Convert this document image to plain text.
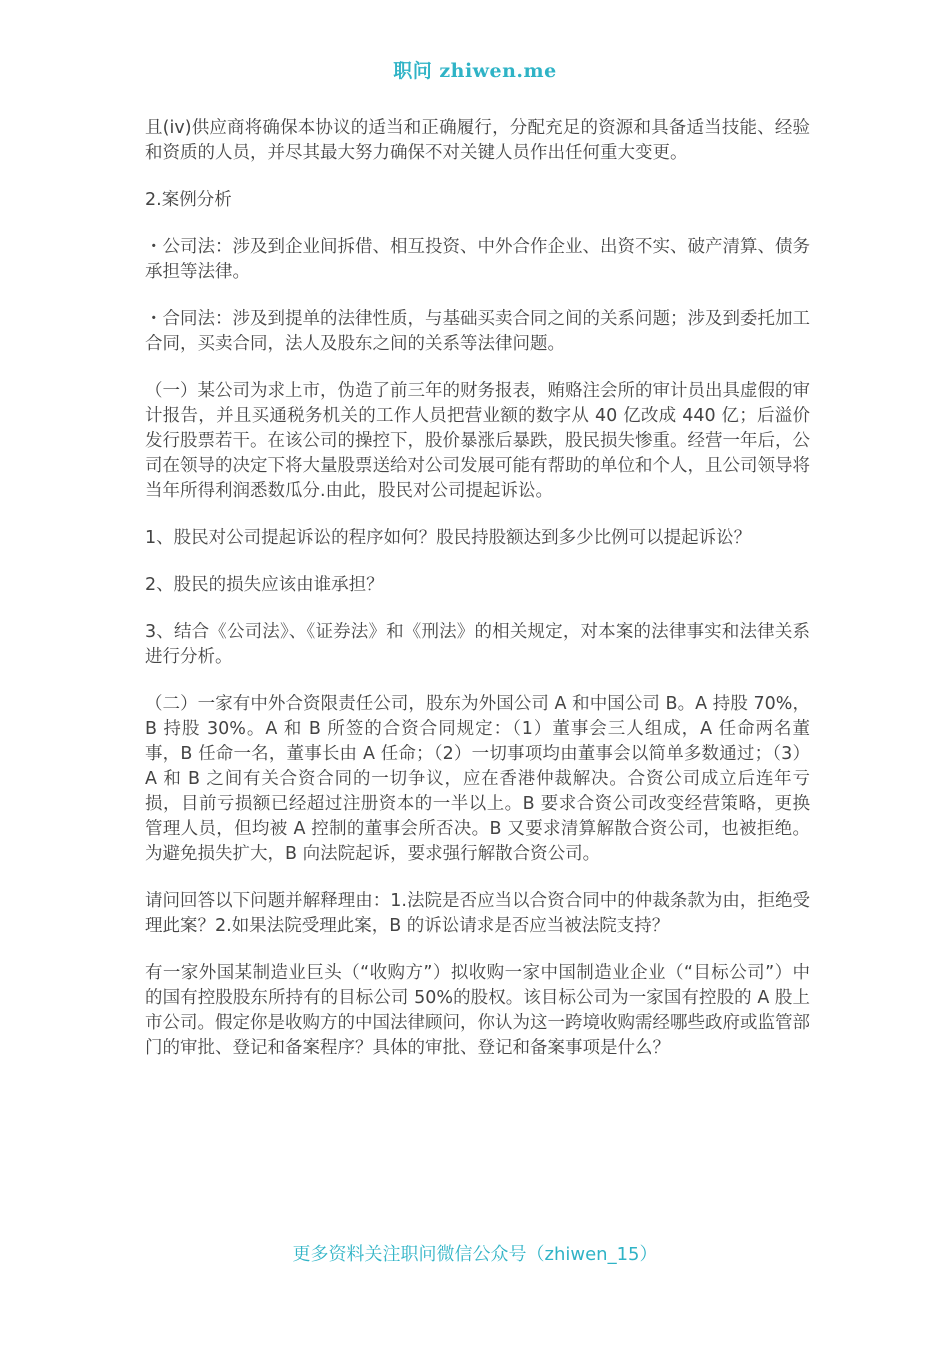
职问 zhiwen.me

且(iv)供应商将确保本协议的适当和正确履行，分配充足的资源和具备适当技能、经验和资质的人员，并尽其最大努力确保不对关键人员作出任何重大变更。

2.案例分析

・公司法：涉及到企业间拆借、相互投资、中外合作企业、出资不实、破产清算、债务承担等法律。

・合同法：涉及到提单的法律性质，与基础买卖合同之间的关系问题；涉及到委托加工合同，买卖合同，法人及股东之间的关系等法律问题。

（一）某公司为求上市，伪造了前三年的财务报表，贿赂注会所的审计员出具虚假的审计报告，并且买通税务机关的工作人员把营业额的数字从 40 亿改成 440 亿；后溢价发行股票若干。在该公司的操控下，股价暴涨后暴跌，股民损失惨重。经营一年后，公司在领导的决定下将大量股票送给对公司发展可能有帮助的单位和个人，且公司领导将当年所得利润悉数瓜分.由此，股民对公司提起诉讼。

1、股民对公司提起诉讼的程序如何？股民持股额达到多少比例可以提起诉讼？

2、股民的损失应该由谁承担？

3、结合《公司法》、《证券法》和《刑法》的相关规定，对本案的法律事实和法律关系进行分析。

（二）一家有中外合资限责任公司，股东为外国公司 A 和中国公司 B。A 持股 70%，B 持股 30%。A 和 B 所签的合资合同规定：（1）董事会三人组成，A 任命两名董事，B 任命一名，董事长由 A 任命；（2）一切事项均由董事会以简单多数通过；（3）A 和 B 之间有关合资合同的一切争议，应在香港仲裁解决。合资公司成立后连年亏损，目前亏损额已经超过注册资本的一半以上。B 要求合资公司改变经营策略，更换管理人员，但均被 A 控制的董事会所否决。B 又要求清算解散合资公司，也被拒绝。为避免损失扩大，B 向法院起诉，要求强行解散合资公司。

请问回答以下问题并解释理由：1.法院是否应当以合资合同中的仲裁条款为由，拒绝受理此案？2.如果法院受理此案，B 的诉讼请求是否应当被法院支持？

有一家外国某制造业巨头（“收购方”）拟收购一家中国制造业企业（“目标公司”）中的国有控股股东所持有的目标公司 50%的股权。该目标公司为一家国有控股的 A 股上市公司。假定你是收购方的中国法律顾问，你认为这一跨境收购需经哪些政府或监管部门的审批、登记和备案程序？具体的审批、登记和备案事项是什么？

更多资料关注职问微信公众号（zhiwen_15）
